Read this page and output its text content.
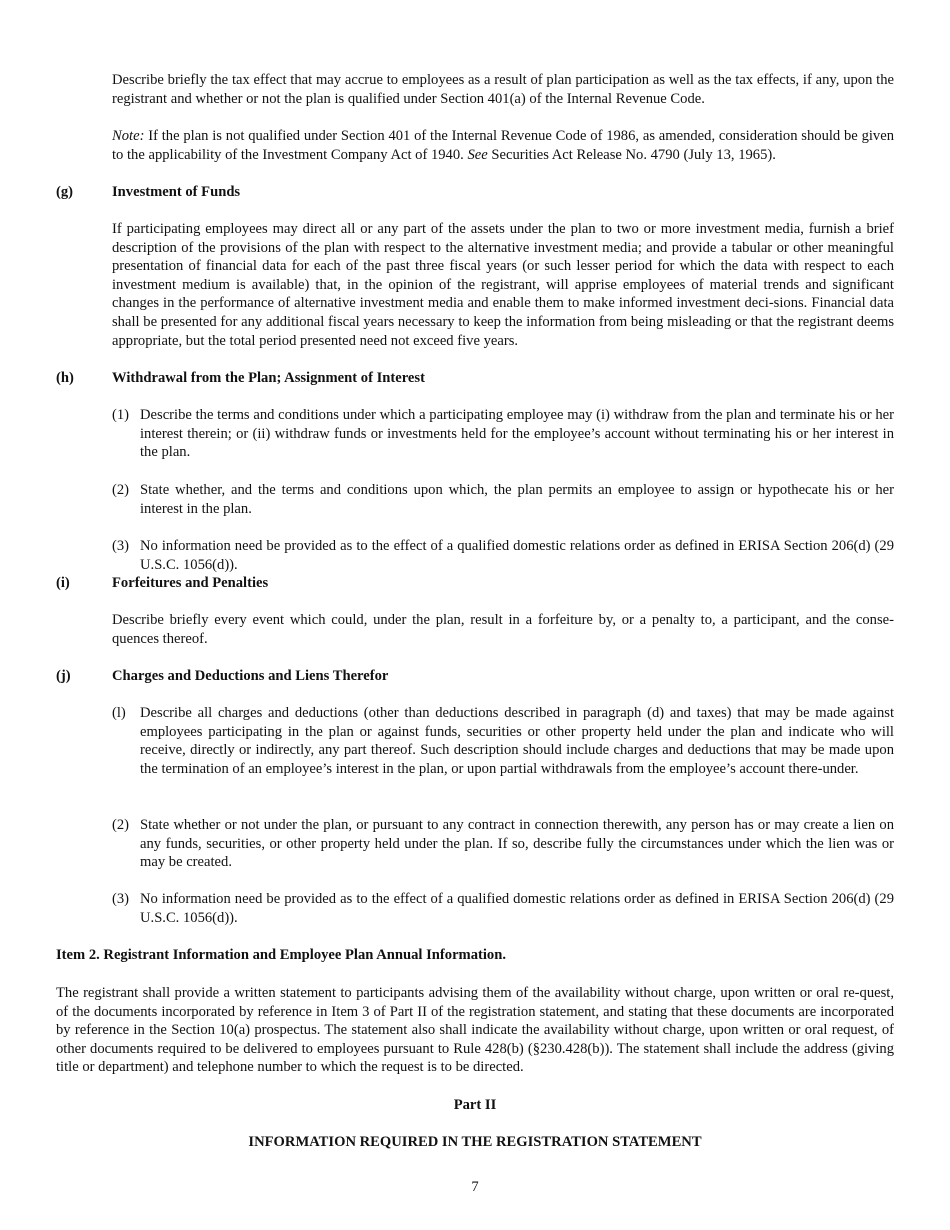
Describe briefly the tax effect that may accrue to employees as a result of plan participation as well as the tax effects, if any, upon the registrant and whether or not the plan is qualified under Section 401(a) of the Internal Revenue Code.

Note: If the plan is not qualified under Section 401 of the Internal Revenue Code of 1986, as amended, consideration should be given to the applicability of the Investment Company Act of 1940. See Securities Act Release No. 4790 (July 13, 1965).

(g)	Investment of Funds

If participating employees may direct all or any part of the assets under the plan to two or more investment media, furnish a brief description of the provisions of the plan with respect to the alternative investment media; and provide a tabular or other meaningful presentation of financial data for each of the past three fiscal years (or such lesser period for which the data with respect to each investment medium is available) that, in the opinion of the registrant, will apprise employees of material trends and significant changes in the performance of alternative investment media and enable them to make informed investment deci-sions. Financial data shall be presented for any additional fiscal years necessary to keep the information from being misleading or that the registrant deems appropriate, but the total period presented need not exceed five years.

(h)	Withdrawal from the Plan; Assignment of Interest
(1) Describe the terms and conditions under which a participating employee may (i) withdraw from the plan and terminate his or her interest therein; or (ii) withdraw funds or investments held for the employee’s account without terminating his or her interest in the plan.

(2) State whether, and the terms and conditions upon which, the plan permits an employee to assign or hypothecate his or her interest in the plan.

(3) No information need be provided as to the effect of a qualified domestic relations order as defined in ERISA Section 206(d) (29 U.S.C. 1056(d)).

(i)	Forfeitures and Penalties

Describe briefly every event which could, under the plan, result in a forfeiture by, or a penalty to, a participant, and the conse-quences thereof.

(j)	Charges and Deductions and Liens Therefor
(l) Describe all charges and deductions (other than deductions described in paragraph (d) and taxes) that may be made against employees participating in the plan or against funds, securities or other property held under the plan and indicate who will receive, directly or indirectly, any part thereof. Such description should include charges and deductions that may be made upon the termination of an employee’s interest in the plan, or upon partial withdrawals from the employee’s account there-under.

(2) State whether or not under the plan, or pursuant to any contract in connection therewith, any person has or may create a lien on any funds, securities, or other property held under the plan. If so, describe fully the circumstances under which the lien was or may be created.

(3) No information need be provided as to the effect of a qualified domestic relations order as defined in ERISA Section 206(d) (29 U.S.C. 1056(d)).

Item 2. Registrant Information and Employee Plan Annual Information.

The registrant shall provide a written statement to participants advising them of the availability without charge, upon written or oral re-quest, of the documents incorporated by reference in Item 3 of Part II of the registration statement, and stating that these documents are incorporated by reference in the Section 10(a) prospectus. The statement also shall indicate the availability without charge, upon written or oral request, of other documents required to be delivered to employees pursuant to Rule 428(b) (§230.428(b)). The statement shall include the address (giving title or department) and telephone number to which the request is to be directed.

Part II
INFORMATION REQUIRED IN THE REGISTRATION STATEMENT
7
